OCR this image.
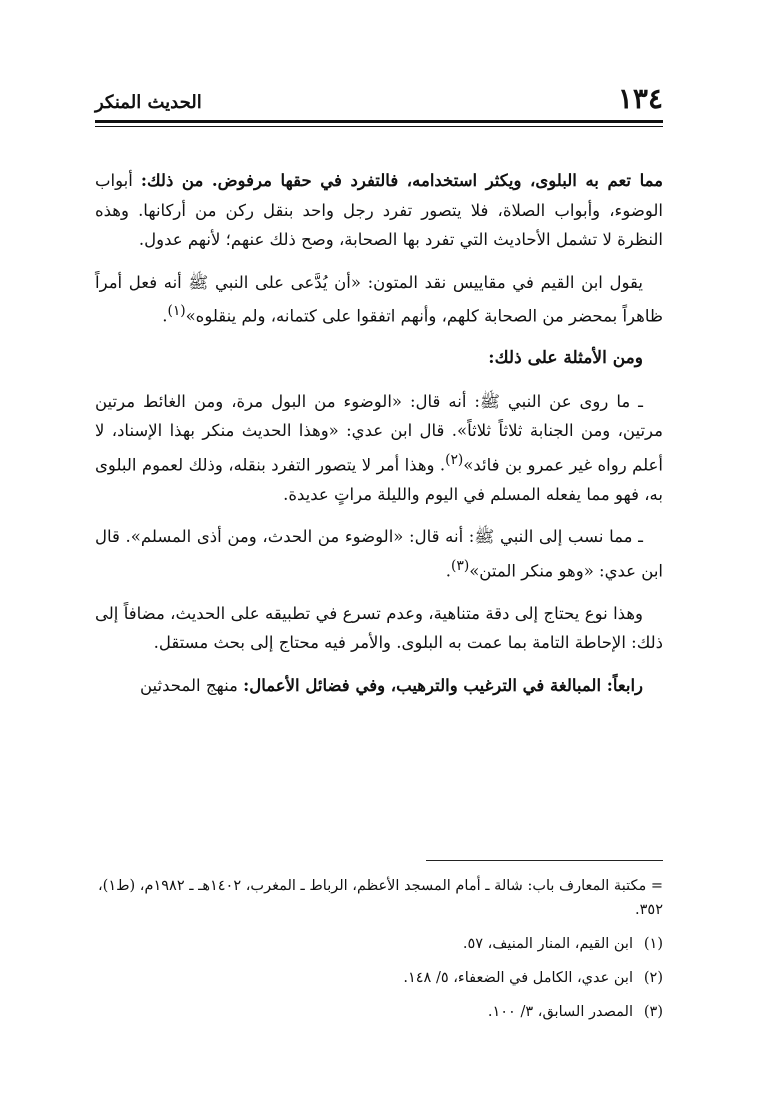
١٣٤
الحديث المنكر

مما تعم به البلوى، ويكثر استخدامه، فالتفرد في حقها مرفوض. من ذلك: أبواب الوضوء، وأبواب الصلاة، فلا يتصور تفرد رجل واحد بنقل ركن من أركانها. وهذه النظرة لا تشمل الأحاديث التي تفرد بها الصحابة، وصح ذلك عنهم؛ لأنهم عدول.

يقول ابن القيم في مقاييس نقد المتون: «أن يُدَّعى على النبي ﷺ أنه فعل أمراً ظاهراً بمحضر من الصحابة كلهم، وأنهم اتفقوا على كتمانه، ولم ينقلوه»$^{(١)}$.

ومن الأمثلة على ذلك:

ـ ما روى عن النبي ﷺ: أنه قال: «الوضوء من البول مرة، ومن الغائط مرتين مرتين، ومن الجنابة ثلاثاً ثلاثاً». قال ابن عدي: «وهذا الحديث منكر بهذا الإسناد، لا أعلم رواه غير عمرو بن فائد»$^{(٢)}$. وهذا أمر لا يتصور التفرد بنقله، وذلك لعموم البلوى به، فهو مما يفعله المسلم في اليوم والليلة مراتٍ عديدة.

ـ مما نسب إلى النبي ﷺ: أنه قال: «الوضوء من الحدث، ومن أذى المسلم». قال ابن عدي: «وهو منكر المتن»$^{(٣)}$.

وهذا نوع يحتاج إلى دقة متناهية، وعدم تسرع في تطبيقه على الحديث، مضافاً إلى ذلك: الإحاطة التامة بما عمت به البلوى. والأمر فيه محتاج إلى بحث مستقل.

رابعاً: المبالغة في الترغيب والترهيب، وفي فضائل الأعمال: منهج المحدثين

= مكتبة المعارف باب: شالة ـ أمام المسجد الأعظم، الرباط ـ المغرب، ١٤٠٢هـ ـ ١٩٨٢م، (ط١)، ٣٥٢.

(١)ابن القيم، المنار المنيف، ٥٧.

(٢)ابن عدي، الكامل في الضعفاء، ٥/ ١٤٨.

(٣)المصدر السابق، ٣/ ١٠٠.
